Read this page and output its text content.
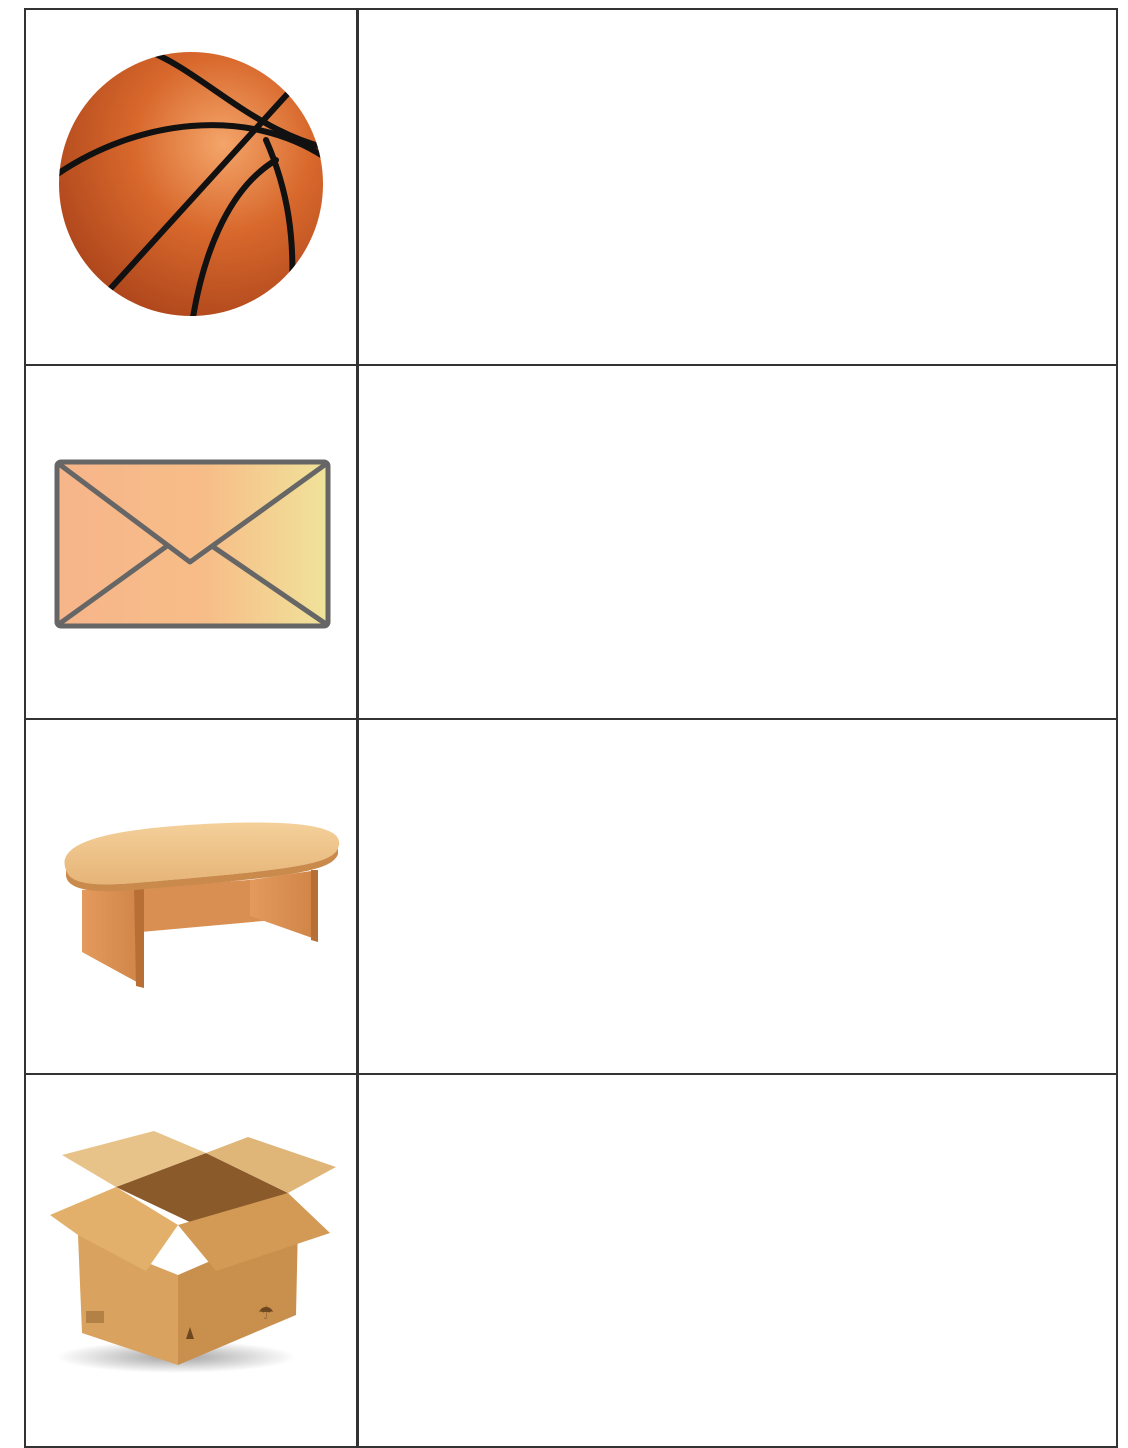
☂
